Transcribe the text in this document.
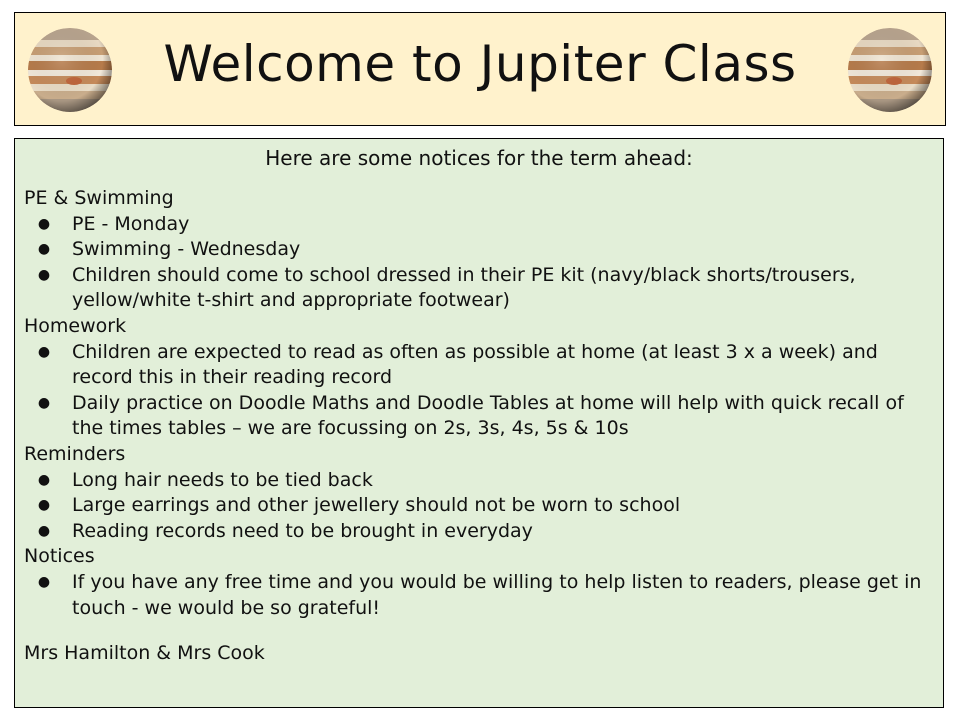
Welcome to Jupiter Class
Here are some notices for the term ahead:
PE & Swimming
● PE - Monday
● Swimming - Wednesday
● Children should come to school dressed in their PE kit (navy/black shorts/trousers, yellow/white t-shirt and appropriate footwear)
Homework
● Children are expected to read as often as possible at home (at least 3 x a week) and record this in their reading record
● Daily practice on Doodle Maths and Doodle Tables at home will help with quick recall of the times tables – we are focussing on 2s, 3s, 4s, 5s & 10s
Reminders
● Long hair needs to be tied back
● Large earrings and other jewellery should not be worn to school
● Reading records need to be brought in everyday
Notices
● If you have any free time and you would be willing to help listen to readers, please get in touch - we would be so grateful!
Mrs Hamilton & Mrs Cook
